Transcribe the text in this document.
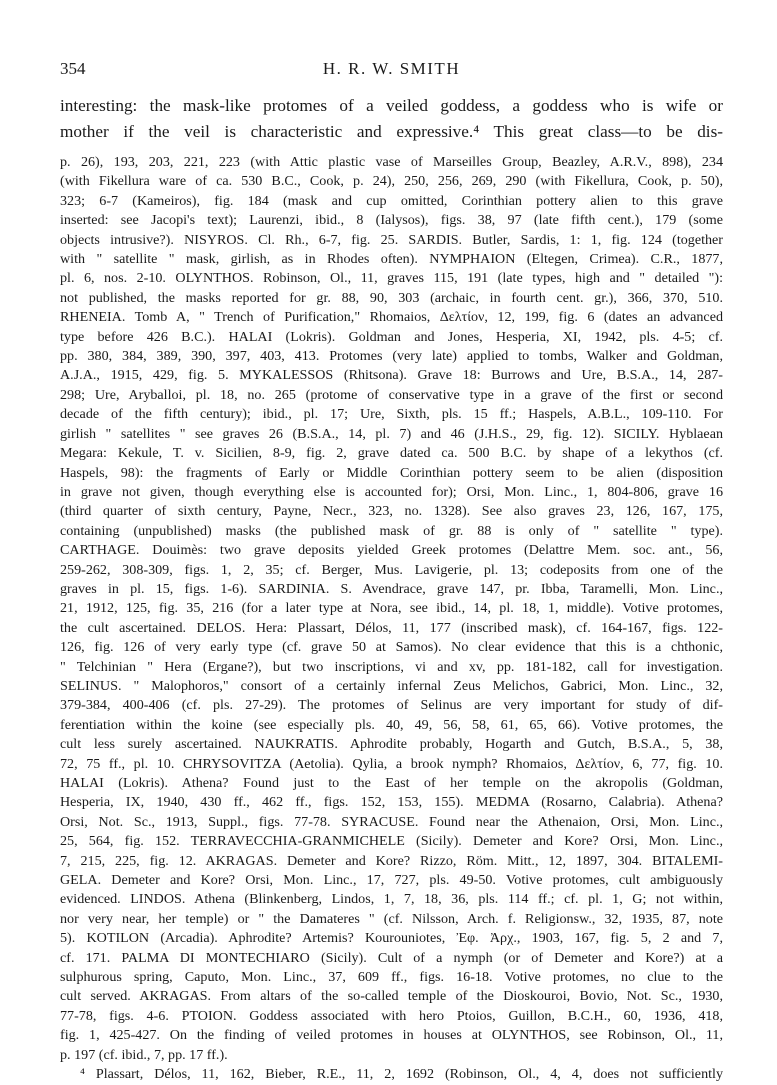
354	H. R. W. SMITH
interesting: the mask-like protomes of a veiled goddess, a goddess who is wife or
mother if the veil is characteristic and expressive.⁴ This great class—to be dis-
p. 26), 193, 203, 221, 223 (with Attic plastic vase of Marseilles Group, Beazley, A.R.V., 898), 234
(with Fikellura ware of ca. 530 B.C., Cook, p. 24), 250, 256, 269, 290 (with Fikellura, Cook, p. 50),
323; 6-7 (Kameiros), fig. 184 (mask and cup omitted, Corinthian pottery alien to this grave
inserted: see Jacopi's text); Laurenzi, ibid., 8 (Ialysos), figs. 38, 97 (late fifth cent.), 179 (some
objects intrusive?). NISYROS. Cl. Rh., 6-7, fig. 25. SARDIS. Butler, Sardis, 1: 1, fig. 124 (together
with " satellite " mask, girlish, as in Rhodes often). NYMPHAION (Eltegen, Crimea). C.R., 1877,
pl. 6, nos. 2-10. OLYNTHOS. Robinson, Ol., 11, graves 115, 191 (late types, high and " detailed "):
not published, the masks reported for gr. 88, 90, 303 (archaic, in fourth cent. gr.), 366, 370, 510.
RHENEIA. Tomb A, " Trench of Purification," Rhomaios, Δελτίον, 12, 199, fig. 6 (dates an advanced
type before 426 B.C.). HALAI (Lokris). Goldman and Jones, Hesperia, XI, 1942, pls. 4-5; cf.
pp. 380, 384, 389, 390, 397, 403, 413. Protomes (very late) applied to tombs, Walker and Goldman,
A.J.A., 1915, 429, fig. 5. MYKALESSOS (Rhitsona). Grave 18: Burrows and Ure, B.S.A., 14, 287-
298; Ure, Aryballoi, pl. 18, no. 265 (protome of conservative type in a grave of the first or second
decade of the fifth century); ibid., pl. 17; Ure, Sixth, pls. 15 ff.; Haspels, A.B.L., 109-110. For
girlish " satellites " see graves 26 (B.S.A., 14, pl. 7) and 46 (J.H.S., 29, fig. 12). SICILY. Hyblaean
Megara: Kekule, T. v. Sicilien, 8-9, fig. 2, grave dated ca. 500 B.C. by shape of a lekythos (cf.
Haspels, 98): the fragments of Early or Middle Corinthian pottery seem to be alien (disposition
in grave not given, though everything else is accounted for); Orsi, Mon. Linc., 1, 804-806, grave 16
(third quarter of sixth century, Payne, Necr., 323, no. 1328). See also graves 23, 126, 167, 175,
containing (unpublished) masks (the published mask of gr. 88 is only of " satellite " type).
CARTHAGE. Douimès: two grave deposits yielded Greek protomes (Delattre Mem. soc. ant., 56,
259-262, 308-309, figs. 1, 2, 35; cf. Berger, Mus. Lavigerie, pl. 13; codeposits from one of the
graves in pl. 15, figs. 1-6). SARDINIA. S. Avendrace, grave 147, pr. Ibba, Taramelli, Mon. Linc.,
21, 1912, 125, fig. 35, 216 (for a later type at Nora, see ibid., 14, pl. 18, 1, middle). Votive protomes,
the cult ascertained. DELOS. Hera: Plassart, Délos, 11, 177 (inscribed mask), cf. 164-167, figs. 122-
126, fig. 126 of very early type (cf. grave 50 at Samos). No clear evidence that this is a chthonic,
" Telchinian " Hera (Ergane?), but two inscriptions, vi and xv, pp. 181-182, call for investigation.
SELINUS. " Malophoros," consort of a certainly infernal Zeus Melichos, Gabrici, Mon. Linc., 32,
379-384, 400-406 (cf. pls. 27-29). The protomes of Selinus are very important for study of dif-
ferentiation within the koine (see especially pls. 40, 49, 56, 58, 61, 65, 66). Votive protomes, the
cult less surely ascertained. NAUKRATIS. Aphrodite probably, Hogarth and Gutch, B.S.A., 5, 38,
72, 75 ff., pl. 10. CHRYSOVITZA (Aetolia). Qylia, a brook nymph? Rhomaios, Δελτίον, 6, 77, fig. 10.
HALAI (Lokris). Athena? Found just to the East of her temple on the akropolis (Goldman,
Hesperia, IX, 1940, 430 ff., 462 ff., figs. 152, 153, 155). MEDMA (Rosarno, Calabria). Athena?
Orsi, Not. Sc., 1913, Suppl., figs. 77-78. SYRACUSE. Found near the Athenaion, Orsi, Mon. Linc.,
25, 564, fig. 152. TERRAVECCHIA-GRANMICHELE (Sicily). Demeter and Kore? Orsi, Mon. Linc.,
7, 215, 225, fig. 12. AKRAGAS. Demeter and Kore? Rizzo, Röm. Mitt., 12, 1897, 304. BITALEMI-
GELA. Demeter and Kore? Orsi, Mon. Linc., 17, 727, pls. 49-50. Votive protomes, cult ambiguously
evidenced. LINDOS. Athena (Blinkenberg, Lindos, 1, 7, 18, 36, pls. 114 ff.; cf. pl. 1, G; not within,
nor very near, her temple) or " the Damateres " (cf. Nilsson, Arch. f. Religionsw., 32, 1935, 87, note
5). KOTILON (Arcadia). Aphrodite? Artemis? Kourouniotes, Ἐφ. Ἀρχ., 1903, 167, fig. 5, 2 and 7,
cf. 171. PALMA DI MONTECHIARO (Sicily). Cult of a nymph (or of Demeter and Kore?) at a
sulphurous spring, Caputo, Mon. Linc., 37, 609 ff., figs. 16-18. Votive protomes, no clue to the
cult served. AKRAGAS. From altars of the so-called temple of the Dioskouroi, Bovio, Not. Sc., 1930,
77-78, figs. 4-6. PTOION. Goddess associated with hero Ptoios, Guillon, B.C.H., 60, 1936, 418,
fig. 1, 425-427. On the finding of veiled protomes in houses at OLYNTHOS, see Robinson, Ol., 11,
p. 197 (cf. ibid., 7, pp. 17 ff.).
⁴ Plassart, Délos, 11, 162, Bieber, R.E., 11, 2, 1692 (Robinson, Ol., 4, 4, does not sufficiently
